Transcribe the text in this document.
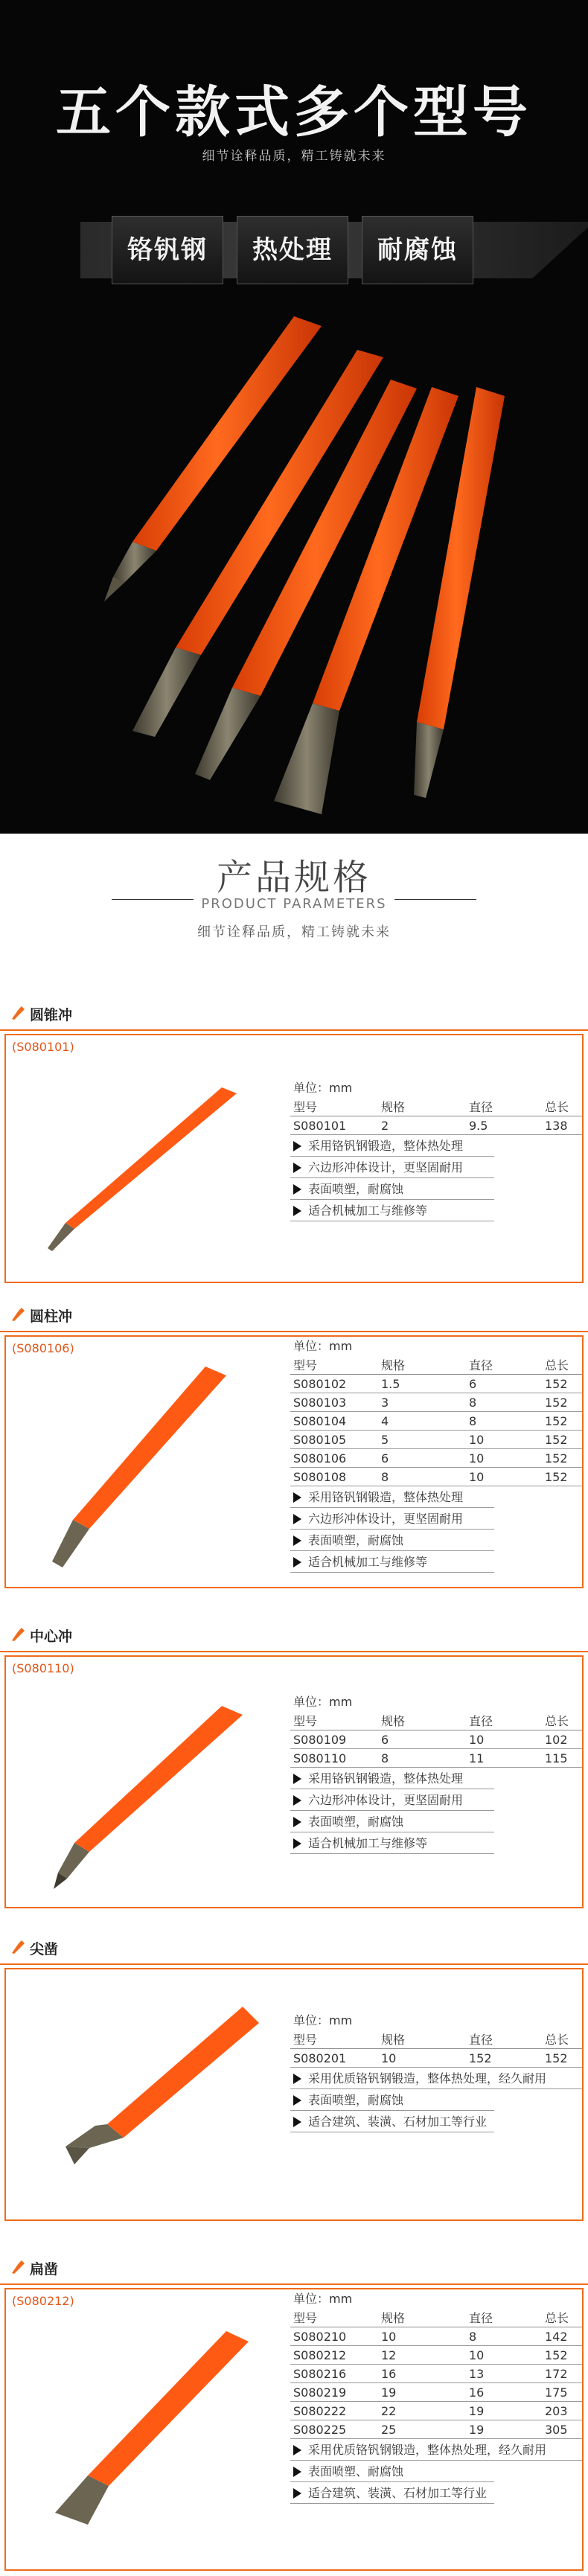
五个款式多个型号
细节诠释品质，精工铸就未来
铬钒钢	热处理	耐腐蚀
产品规格
PRODUCT PARAMETERS
细节诠释品质，精工铸就未来
圆锥冲
(S080101)
单位：mm
型号	规格	直径	总长
S080101	2	9.5	138
采用铬钒钢锻造，整体热处理
六边形冲体设计，更坚固耐用
表面喷塑，耐腐蚀
适合机械加工与维修等
圆柱冲
(S080106)	单位：mm
型号	规格	直径	总长
S080102	1.5	6	152
S080103	3	8	152
S080104	4	8	152
S080105	5	10	152
S080106	6	10	152
S080108	8	10	152
采用铬钒钢锻造，整体热处理
六边形冲体设计，更坚固耐用
表面喷塑，耐腐蚀
适合机械加工与维修等
中心冲
(S080110)
单位：mm
型号	规格	直径	总长
S080109	6	10	102
S080110	8	11	115
采用铬钒钢锻造，整体热处理
六边形冲体设计，更坚固耐用
表面喷塑，耐腐蚀
适合机械加工与维修等
尖凿
单位：mm
型号	规格	直径	总长
S080201	10	152	152
采用优质铬钒钢锻造，整体热处理，经久耐用
表面喷塑，耐腐蚀
适合建筑、装潢、石材加工等行业
扁凿
(S080212)	单位：mm
型号	规格	直径	总长
S080210	10	8	142
S080212	12	10	152
S080216	16	13	172
S080219	19	16	175
S080222	22	19	203
S080225	25	19	305
采用优质铬钒钢锻造，整体热处理，经久耐用
表面喷塑、耐腐蚀
适合建筑、装潢、石材加工等行业
